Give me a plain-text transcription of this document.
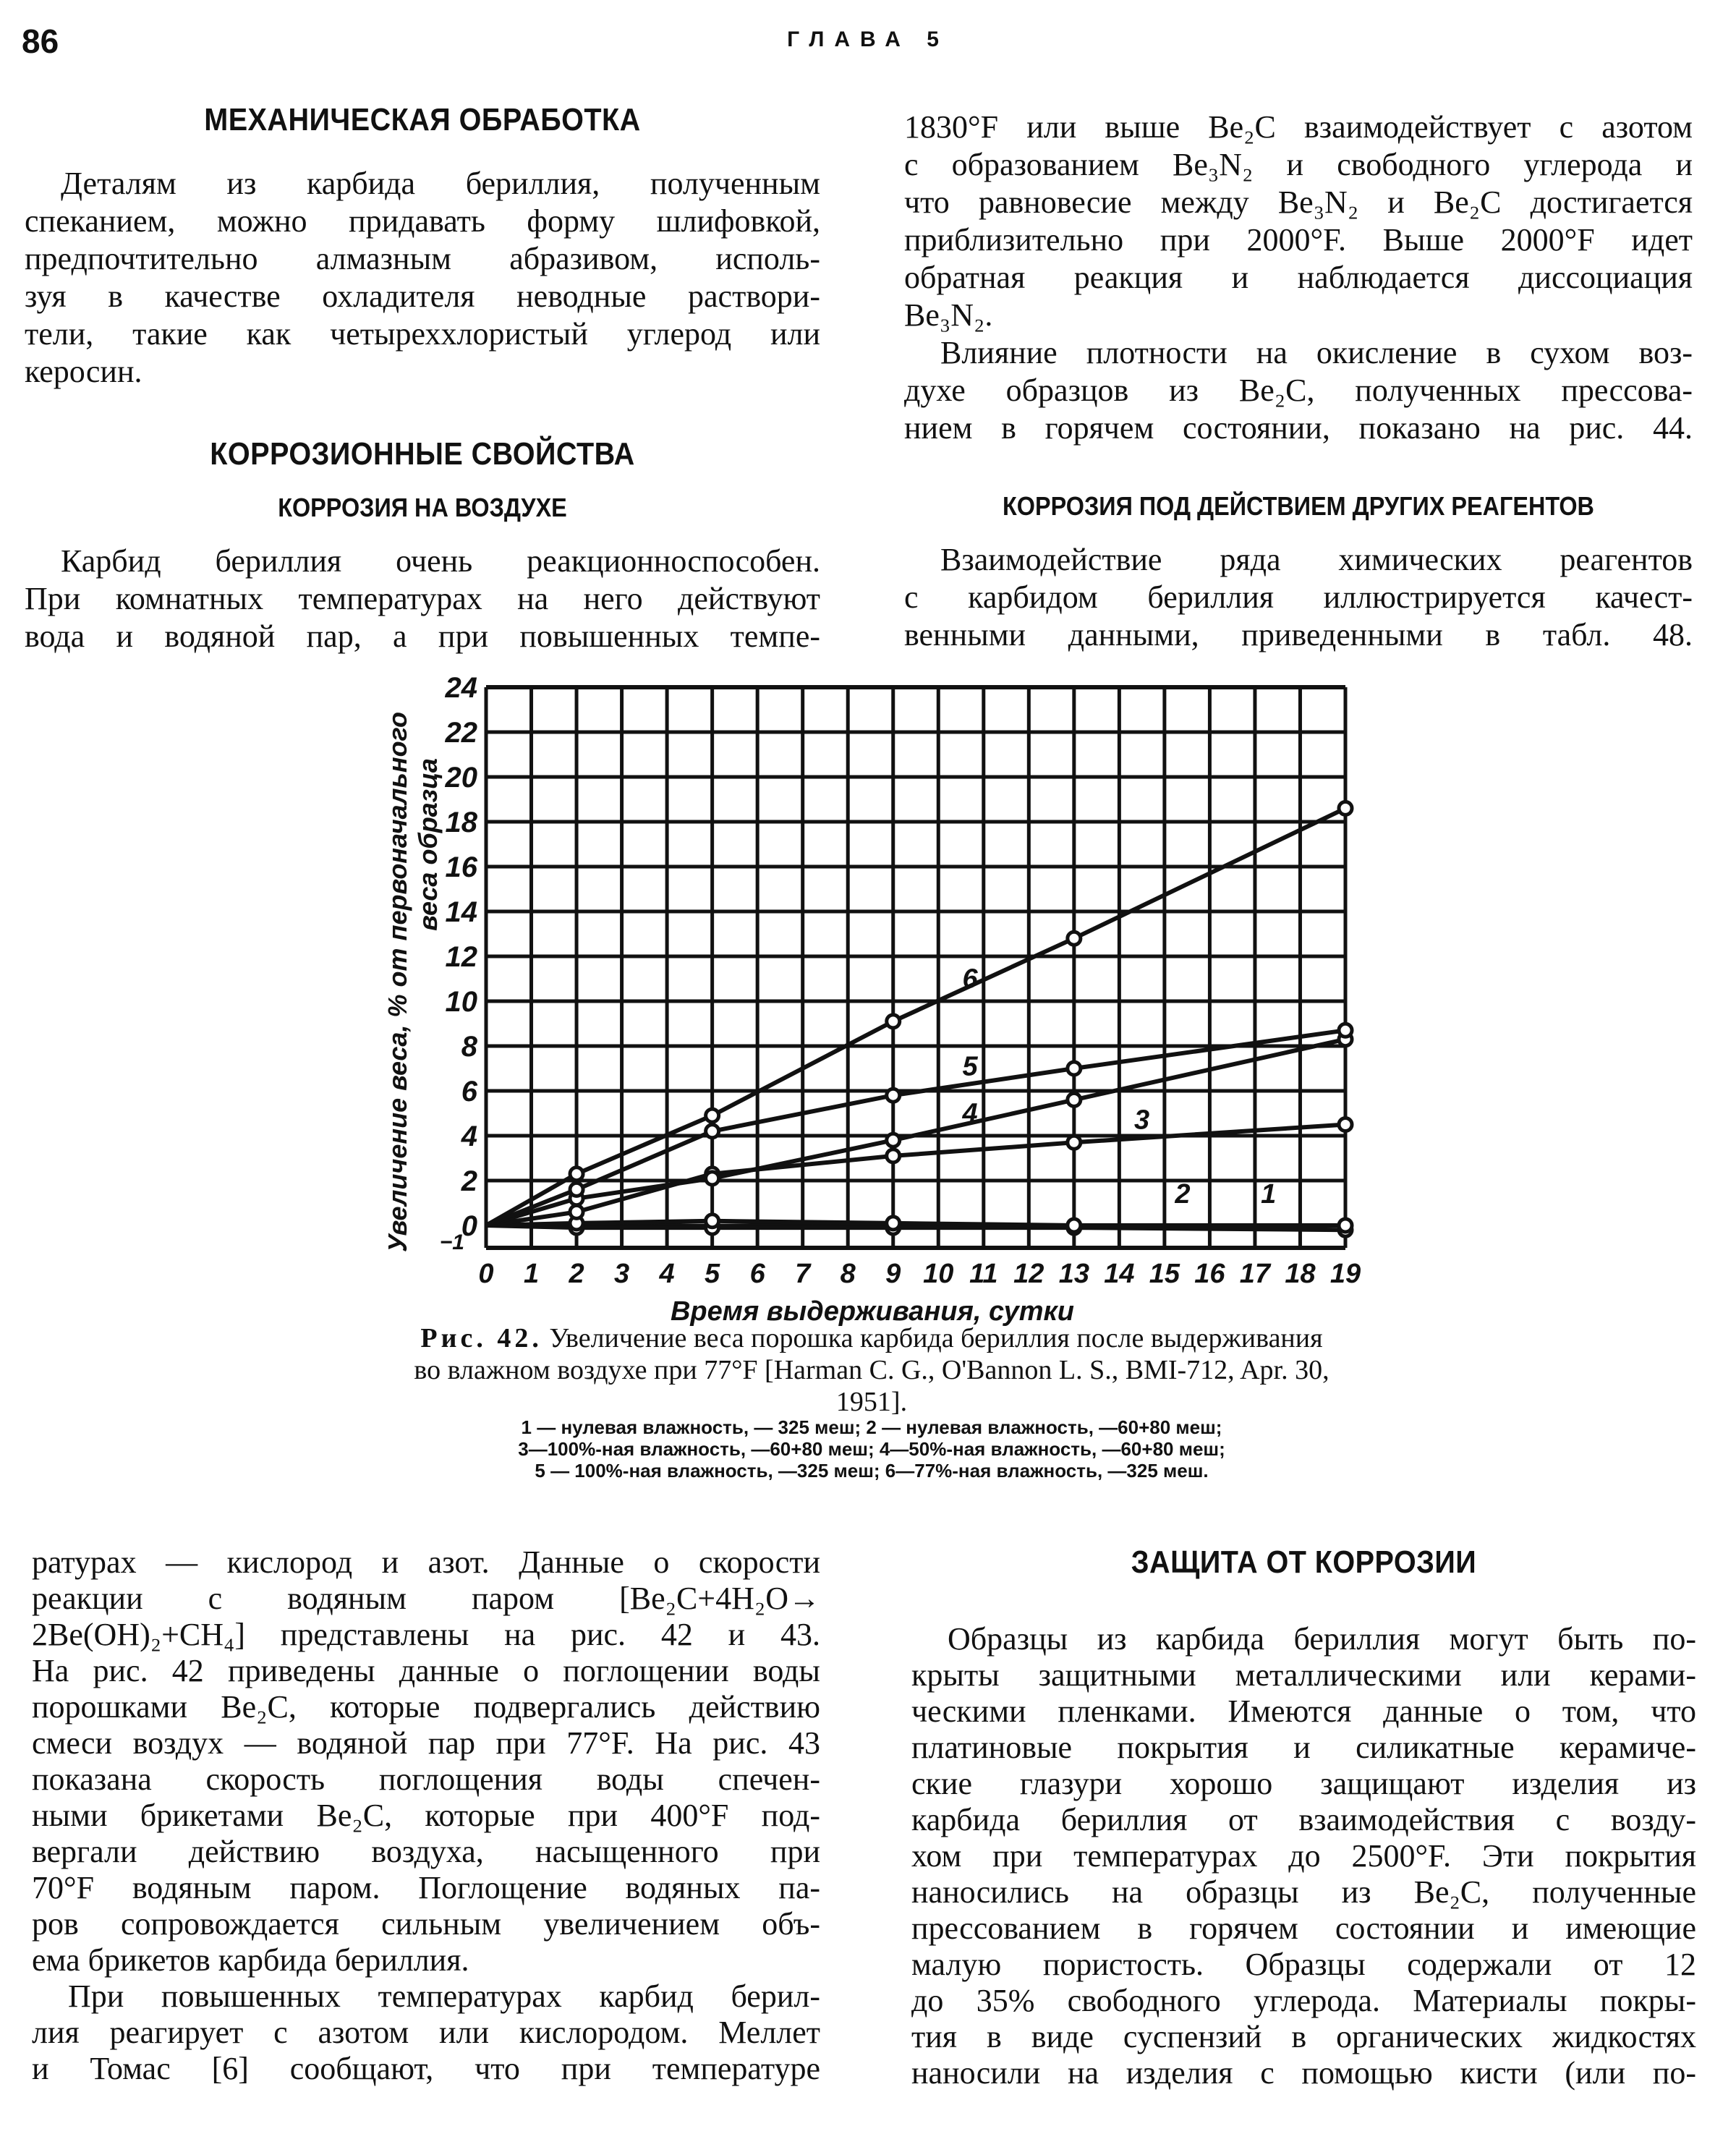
86	ГЛАВА 5
МЕХАНИЧЕСКАЯ ОБРАБОТКА
Деталям из карбида бериллия, полученным
спеканием, можно придавать форму шлифовкой,
предпочтительно алмазным абразивом, исполь-
зуя в качестве охладителя неводные раствори-
тели, такие как четыреххлористый углерод или
керосин.
КОРРОЗИОННЫЕ СВОЙСТВА
КОРРОЗИЯ НА ВОЗДУХЕ
Карбид бериллия очень реакционноспособен.
При комнатных температурах на него действуют
вода и водяной пар, а при повышенных темпе-
1830°F или выше Be₂C взаимодействует с азотом
с образованием Be₃N₂ и свободного углерода и
что равновесие между Be₃N₂ и Be₂C достигается
приблизительно при 2000°F. Выше 2000°F идет
обратная реакция и наблюдается диссоциация
Be₃N₂.
Влияние плотности на окисление в сухом воз-
духе образцов из Be₂C, полученных прессова-
нием в горячем состоянии, показано на рис. 44.
КОРРОЗИЯ ПОД ДЕЙСТВИЕМ ДРУГИХ РЕАГЕНТОВ
Взаимодействие ряда химических реагентов
с карбидом бериллия иллюстрируется качест-
венными данными, приведенными в табл. 48.
−1
0
2
4
6
8
10
12
14
16
18
20
22
24
0 1 2 3 4 5 6 7 8 9 10 11 12 13 14 15 16 17 18 19
1
2
3
4
5
6
Время выдерживания, сутки
Увеличение веса, % от первоначального веса образца
Рис. 42. Увеличение веса порошка карбида бериллия после выдерживания во влажном воздухе при 77°F [Harman C. G., O'Bannon L. S., BMI-712, Apr. 30, 1951].
1 — нулевая влажность, — 325 меш; 2 — нулевая влажность, —60+80 меш;
3—100%-ная влажность, —60+80 меш; 4—50%-ная влажность, —60+80 меш;
5 — 100%-ная влажность, —325 меш; 6—77%-ная влажность, —325 меш.
ратурах — кислород и азот. Данные о скорости
реакции с водяным паром [Be₂C+4H₂O→
2Be(OH)₂+CH₄] представлены на рис. 42 и 43.
На рис. 42 приведены данные о поглощении воды
порошками Be₂C, которые подвергались действию
смеси воздух — водяной пар при 77°F. На рис. 43
показана скорость поглощения воды спечен-
ными брикетами Be₂C, которые при 400°F под-
вергали действию воздуха, насыщенного при
70°F водяным паром. Поглощение водяных па-
ров сопровождается сильным увеличением объ-
ема брикетов карбида бериллия.
При повышенных температурах карбид берил-
лия реагирует с азотом или кислородом. Меллет
и Томас [6] сообщают, что при температуре
ЗАЩИТА ОТ КОРРОЗИИ
Образцы из карбида бериллия могут быть по-
крыты защитными металлическими или керами-
ческими пленками. Имеются данные о том, что
платиновые покрытия и силикатные керамиче-
ские глазури хорошо защищают изделия из
карбида бериллия от взаимодействия с возду-
хом при температурах до 2500°F. Эти покрытия
наносились на образцы из Be₂C, полученные
прессованием в горячем состоянии и имеющие
малую пористость. Образцы содержали от 12
до 35% свободного углерода. Материалы покры-
тия в виде суспензий в органических жидкостях
наносили на изделия с помощью кисти (или по-
